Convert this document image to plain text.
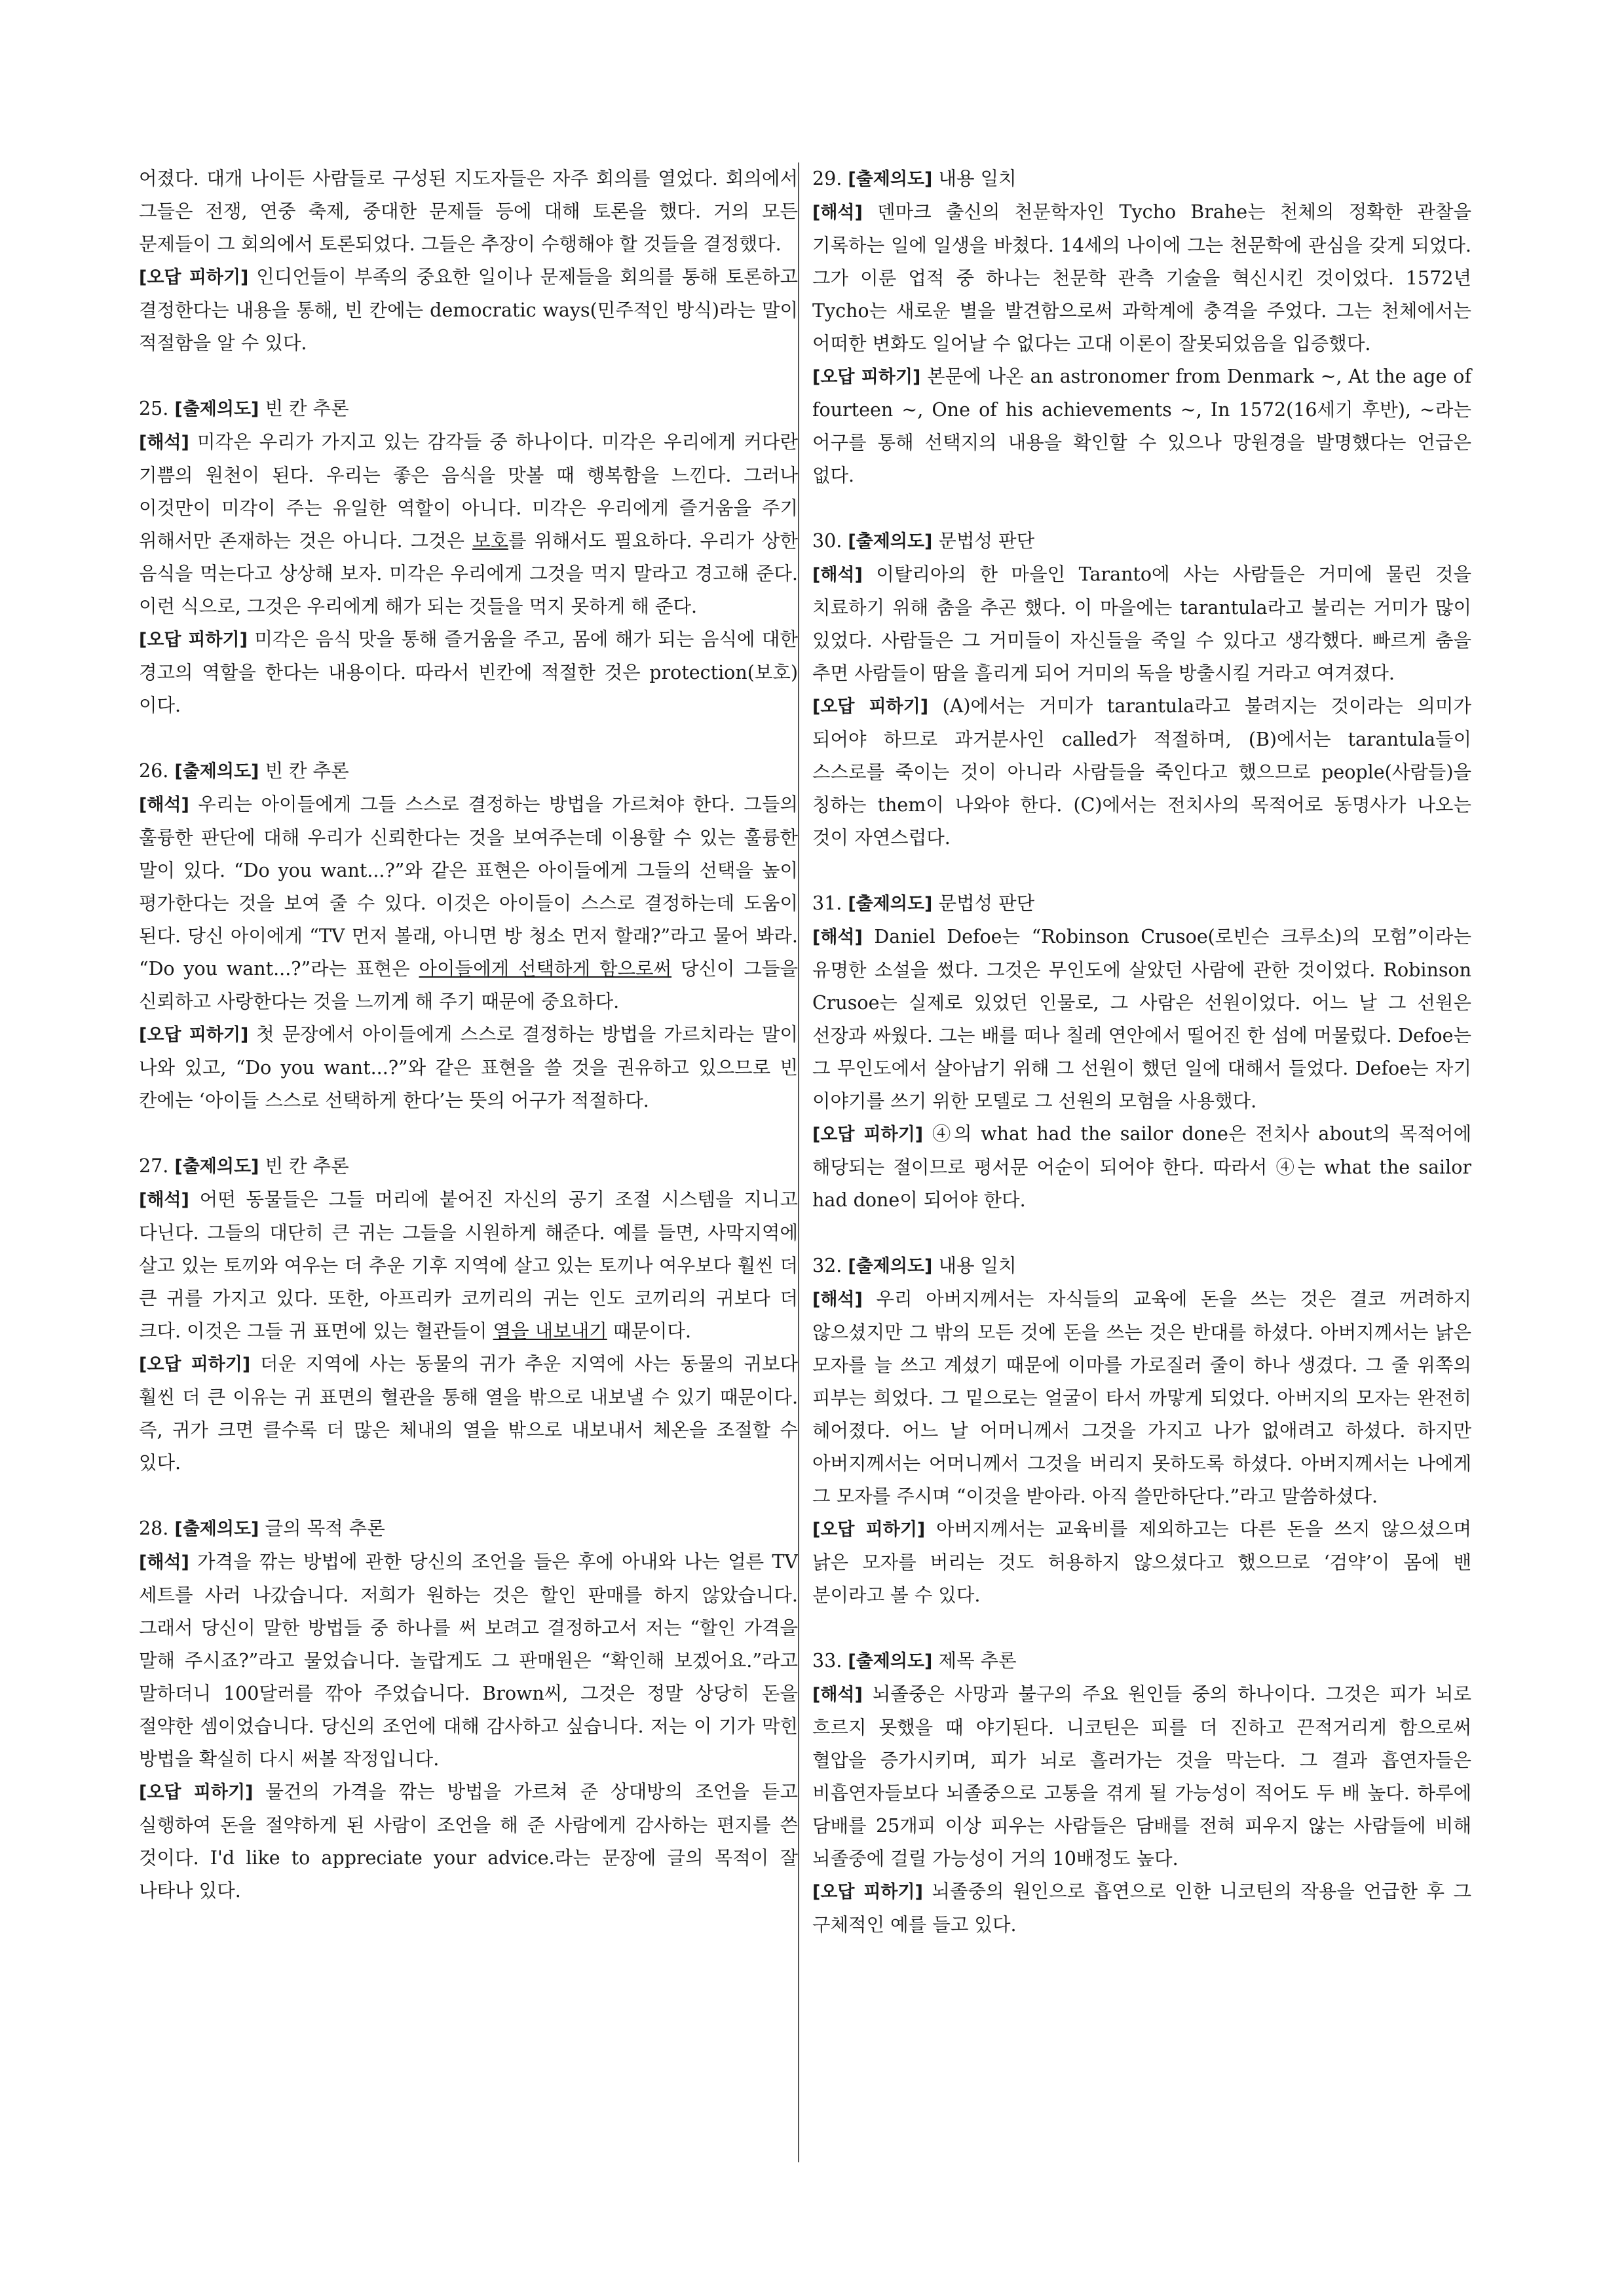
어졌다. 대개 나이든 사람들로 구성된 지도자들은 자주 회의를 열었다. 회의에서 그들은 전쟁, 연중 축제, 중대한 문제들 등에 대해 토론을 했다. 거의 모든 문제들이 그 회의에서 토론되었다. 그들은 추장이 수행해야 할 것들을 결정했다.

[오답 피하기] 인디언들이 부족의 중요한 일이나 문제들을 회의를 통해 토론하고 결정한다는 내용을 통해, 빈 칸에는 democratic ways(민주적인 방식)라는 말이 적절함을 알 수 있다.

25. [출제의도] 빈 칸 추론

[해석] 미각은 우리가 가지고 있는 감각들 중 하나이다. 미각은 우리에게 커다란 기쁨의 원천이 된다. 우리는 좋은 음식을 맛볼 때 행복함을 느낀다. 그러나 이것만이 미각이 주는 유일한 역할이 아니다. 미각은 우리에게 즐거움을 주기 위해서만 존재하는 것은 아니다. 그것은 보호를 위해서도 필요하다. 우리가 상한 음식을 먹는다고 상상해 보자. 미각은 우리에게 그것을 먹지 말라고 경고해 준다. 이런 식으로, 그것은 우리에게 해가 되는 것들을 먹지 못하게 해 준다.

[오답 피하기] 미각은 음식 맛을 통해 즐거움을 주고, 몸에 해가 되는 음식에 대한 경고의 역할을 한다는 내용이다. 따라서 빈칸에 적절한 것은 protection(보호)이다.

26. [출제의도] 빈 칸 추론

[해석] 우리는 아이들에게 그들 스스로 결정하는 방법을 가르쳐야 한다. 그들의 훌륭한 판단에 대해 우리가 신뢰한다는 것을 보여주는데 이용할 수 있는 훌륭한 말이 있다. “Do you want...?”와 같은 표현은 아이들에게 그들의 선택을 높이 평가한다는 것을 보여 줄 수 있다. 이것은 아이들이 스스로 결정하는데 도움이 된다. 당신 아이에게 “TV 먼저 볼래, 아니면 방 청소 먼저 할래?”라고 물어 봐라. “Do you want...?”라는 표현은 아이들에게 선택하게 함으로써 당신이 그들을 신뢰하고 사랑한다는 것을 느끼게 해 주기 때문에 중요하다.

[오답 피하기] 첫 문장에서 아이들에게 스스로 결정하는 방법을 가르치라는 말이 나와 있고, “Do you want...?”와 같은 표현을 쓸 것을 권유하고 있으므로 빈 칸에는 ‘아이들 스스로 선택하게 한다’는 뜻의 어구가 적절하다.

27. [출제의도] 빈 칸 추론

[해석] 어떤 동물들은 그들 머리에 붙어진 자신의 공기 조절 시스템을 지니고 다닌다. 그들의 대단히 큰 귀는 그들을 시원하게 해준다. 예를 들면, 사막지역에 살고 있는 토끼와 여우는 더 추운 기후 지역에 살고 있는 토끼나 여우보다 훨씬 더 큰 귀를 가지고 있다. 또한, 아프리카 코끼리의 귀는 인도 코끼리의 귀보다 더 크다. 이것은 그들 귀 표면에 있는 혈관들이 열을 내보내기 때문이다.

[오답 피하기] 더운 지역에 사는 동물의 귀가 추운 지역에 사는 동물의 귀보다 훨씬 더 큰 이유는 귀 표면의 혈관을 통해 열을 밖으로 내보낼 수 있기 때문이다. 즉, 귀가 크면 클수록 더 많은 체내의 열을 밖으로 내보내서 체온을 조절할 수 있다.

28. [출제의도] 글의 목적 추론

[해석] 가격을 깎는 방법에 관한 당신의 조언을 들은 후에 아내와 나는 얼른 TV 세트를 사러 나갔습니다. 저희가 원하는 것은 할인 판매를 하지 않았습니다. 그래서 당신이 말한 방법들 중 하나를 써 보려고 결정하고서 저는 “할인 가격을 말해 주시죠?”라고 물었습니다. 놀랍게도 그 판매원은 “확인해 보겠어요.”라고 말하더니 100달러를 깎아 주었습니다. Brown씨, 그것은 정말 상당히 돈을 절약한 셈이었습니다. 당신의 조언에 대해 감사하고 싶습니다. 저는 이 기가 막힌 방법을 확실히 다시 써볼 작정입니다.

[오답 피하기] 물건의 가격을 깎는 방법을 가르쳐 준 상대방의 조언을 듣고 실행하여 돈을 절약하게 된 사람이 조언을 해 준 사람에게 감사하는 편지를 쓴 것이다. I'd like to appreciate your advice.라는 문장에 글의 목적이 잘 나타나 있다.

29. [출제의도] 내용 일치

[해석] 덴마크 출신의 천문학자인 Tycho Brahe는 천체의 정확한 관찰을 기록하는 일에 일생을 바쳤다. 14세의 나이에 그는 천문학에 관심을 갖게 되었다. 그가 이룬 업적 중 하나는 천문학 관측 기술을 혁신시킨 것이었다. 1572년 Tycho는 새로운 별을 발견함으로써 과학계에 충격을 주었다. 그는 천체에서는 어떠한 변화도 일어날 수 없다는 고대 이론이 잘못되었음을 입증했다.

[오답 피하기] 본문에 나온 an astronomer from Denmark ~, At the age of fourteen ~, One of his achievements ~, In 1572(16세기 후반), ~라는 어구를 통해 선택지의 내용을 확인할 수 있으나 망원경을 발명했다는 언급은 없다.

30. [출제의도] 문법성 판단

[해석] 이탈리아의 한 마을인 Taranto에 사는 사람들은 거미에 물린 것을 치료하기 위해 춤을 추곤 했다. 이 마을에는 tarantula라고 불리는 거미가 많이 있었다. 사람들은 그 거미들이 자신들을 죽일 수 있다고 생각했다. 빠르게 춤을 추면 사람들이 땀을 흘리게 되어 거미의 독을 방출시킬 거라고 여겨졌다.

[오답 피하기] (A)에서는 거미가 tarantula라고 불려지는 것이라는 의미가 되어야 하므로 과거분사인 called가 적절하며, (B)에서는 tarantula들이 스스로를 죽이는 것이 아니라 사람들을 죽인다고 했으므로 people(사람들)을 칭하는 them이 나와야 한다. (C)에서는 전치사의 목적어로 동명사가 나오는 것이 자연스럽다.

31. [출제의도] 문법성 판단

[해석] Daniel Defoe는 “Robinson Crusoe(로빈슨 크루소)의 모험”이라는 유명한 소설을 썼다. 그것은 무인도에 살았던 사람에 관한 것이었다. Robinson Crusoe는 실제로 있었던 인물로, 그 사람은 선원이었다. 어느 날 그 선원은 선장과 싸웠다. 그는 배를 떠나 칠레 연안에서 떨어진 한 섬에 머물렀다. Defoe는 그 무인도에서 살아남기 위해 그 선원이 했던 일에 대해서 들었다. Defoe는 자기 이야기를 쓰기 위한 모델로 그 선원의 모험을 사용했다.

[오답 피하기] ④의 what had the sailor done은 전치사 about의 목적어에 해당되는 절이므로 평서문 어순이 되어야 한다. 따라서 ④는 what the sailor had done이 되어야 한다.

32. [출제의도] 내용 일치

[해석] 우리 아버지께서는 자식들의 교육에 돈을 쓰는 것은 결코 꺼려하지 않으셨지만 그 밖의 모든 것에 돈을 쓰는 것은 반대를 하셨다. 아버지께서는 낡은 모자를 늘 쓰고 계셨기 때문에 이마를 가로질러 줄이 하나 생겼다. 그 줄 위쪽의 피부는 희었다. 그 밑으로는 얼굴이 타서 까맣게 되었다. 아버지의 모자는 완전히 헤어졌다. 어느 날 어머니께서 그것을 가지고 나가 없애려고 하셨다. 하지만 아버지께서는 어머니께서 그것을 버리지 못하도록 하셨다. 아버지께서는 나에게 그 모자를 주시며 “이것을 받아라. 아직 쓸만하단다.”라고 말씀하셨다.

[오답 피하기] 아버지께서는 교육비를 제외하고는 다른 돈을 쓰지 않으셨으며 낡은 모자를 버리는 것도 허용하지 않으셨다고 했으므로 ‘검약’이 몸에 밴 분이라고 볼 수 있다.

33. [출제의도] 제목 추론

[해석] 뇌졸중은 사망과 불구의 주요 원인들 중의 하나이다. 그것은 피가 뇌로 흐르지 못했을 때 야기된다. 니코틴은 피를 더 진하고 끈적거리게 함으로써 혈압을 증가시키며, 피가 뇌로 흘러가는 것을 막는다. 그 결과 흡연자들은 비흡연자들보다 뇌졸중으로 고통을 겪게 될 가능성이 적어도 두 배 높다. 하루에 담배를 25개피 이상 피우는 사람들은 담배를 전혀 피우지 않는 사람들에 비해 뇌졸중에 걸릴 가능성이 거의 10배정도 높다.

[오답 피하기] 뇌졸중의 원인으로 흡연으로 인한 니코틴의 작용을 언급한 후 그 구체적인 예를 들고 있다.
